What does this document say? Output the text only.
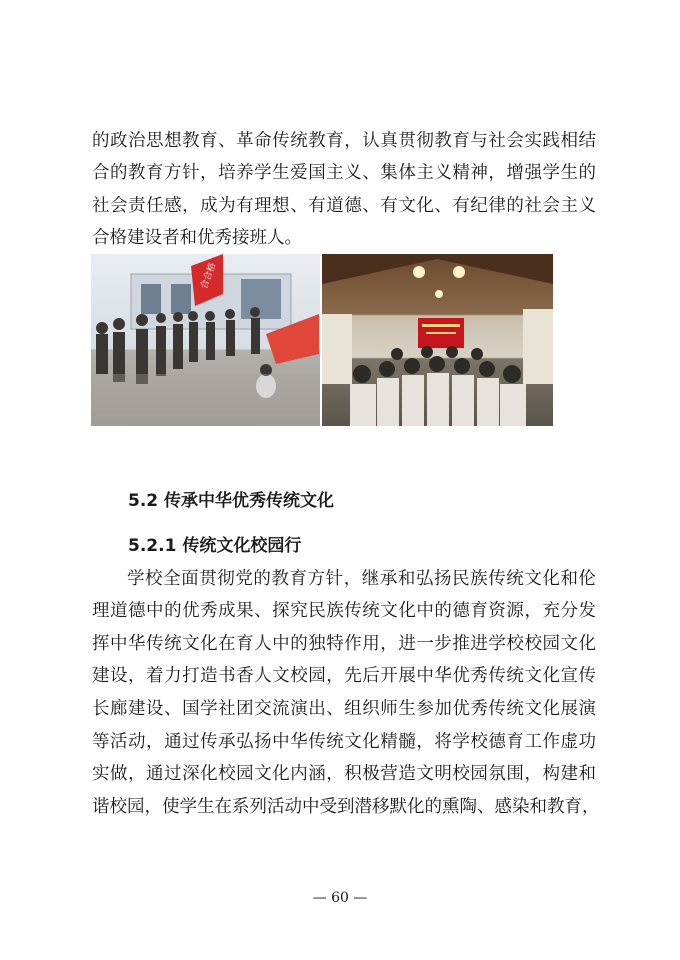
的政治思想教育、革命传统教育，认真贯彻教育与社会实践相结
合的教育方针，培养学生爱国主义、集体主义精神，增强学生的
社会责任感，成为有理想、有道德、有文化、有纪律的社会主义
合格建设者和优秀接班人。
合合格
5.2 传承中华优秀传统文化
5.2.1 传统文化校园行
学校全面贯彻党的教育方针，继承和弘扬民族传统文化和伦
理道德中的优秀成果、探究民族传统文化中的德育资源，充分发
挥中华传统文化在育人中的独特作用，进一步推进学校校园文化
建设，着力打造书香人文校园，先后开展中华优秀传统文化宣传
长廊建设、国学社团交流演出、组织师生参加优秀传统文化展演
等活动，通过传承弘扬中华传统文化精髓，将学校德育工作虚功
实做，通过深化校园文化内涵，积极营造文明校园氛围，构建和
谐校园，使学生在系列活动中受到潜移默化的熏陶、感染和教育，
— 60 —
